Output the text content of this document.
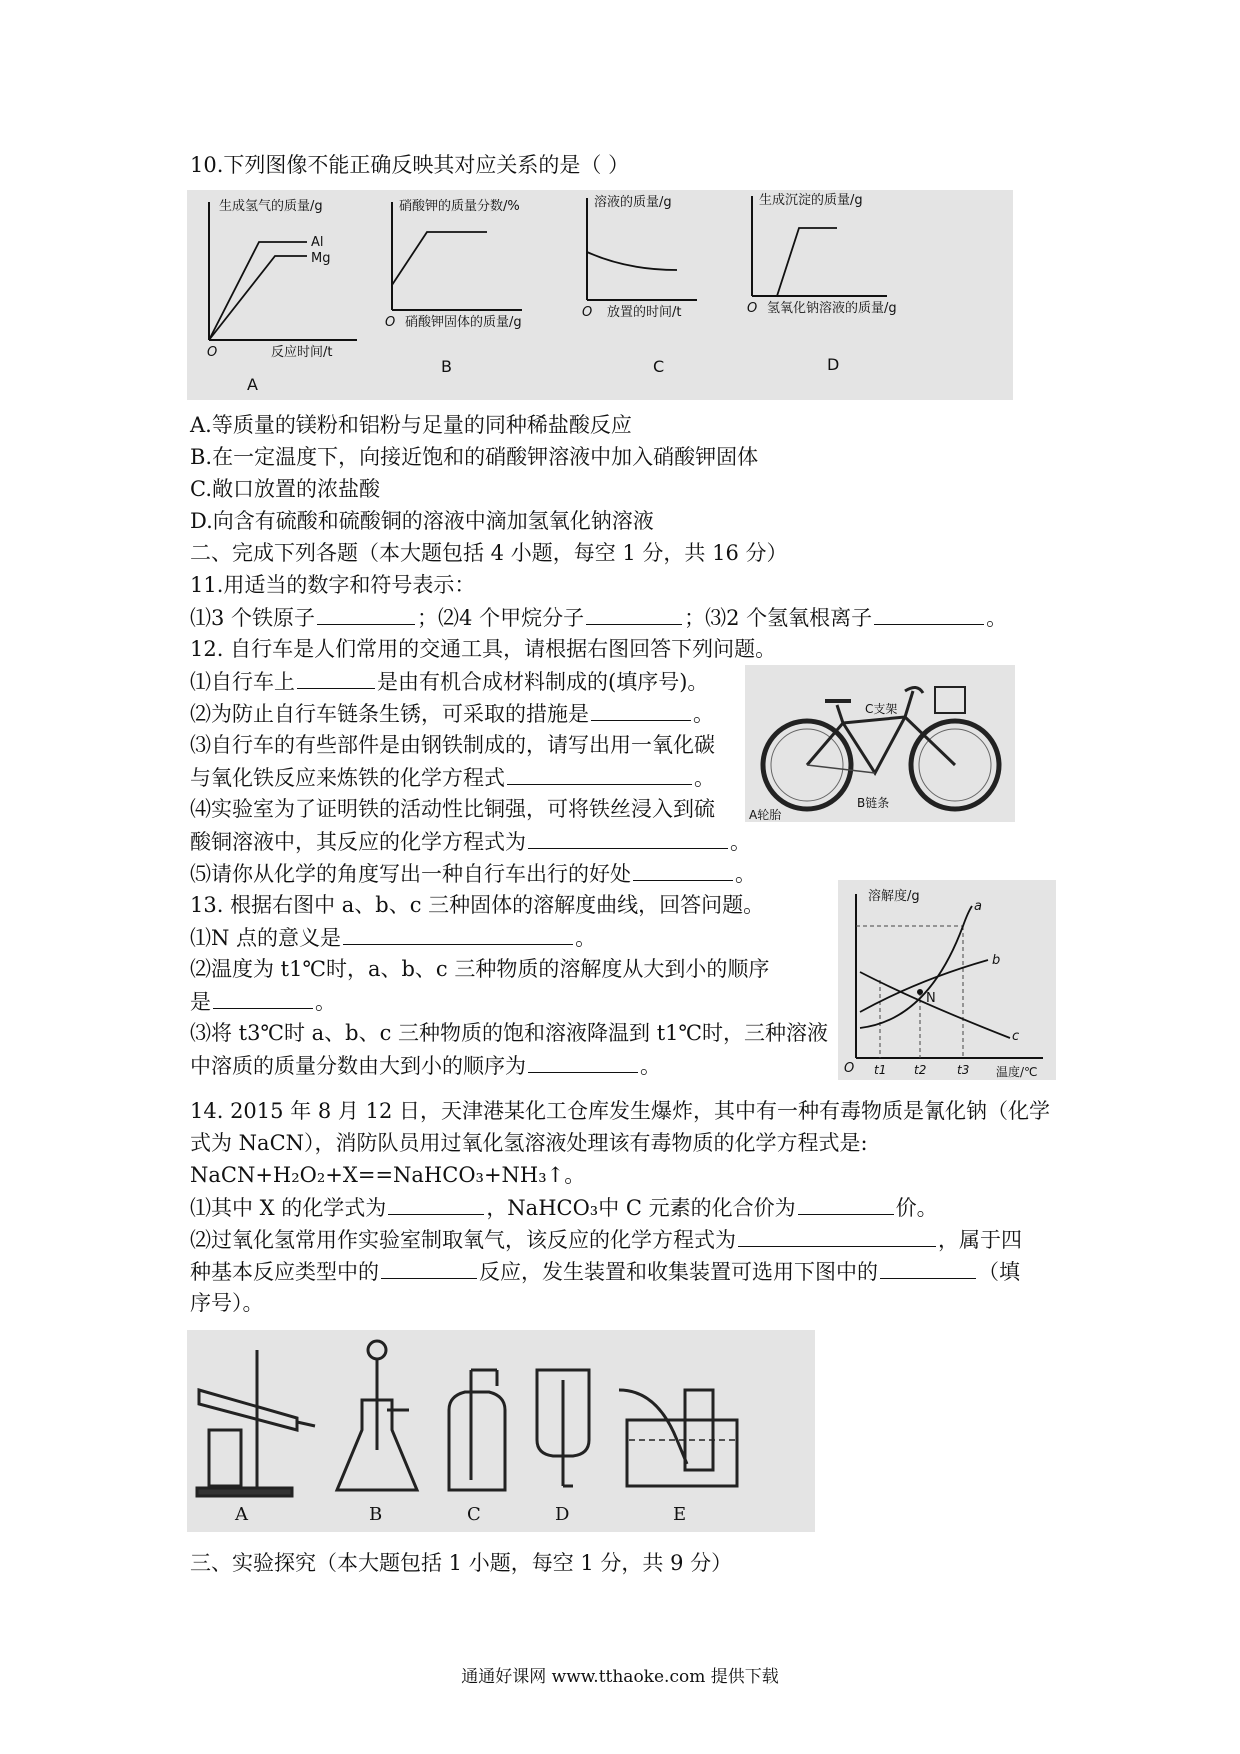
10.下列图像不能正确反映其对应关系的是（ ）
生成氢气的质量/g
Al
Mg
O	反应时间/t
A
硝酸钾的质量分数/%
O 硝酸钾固体的质量/g
B
溶液的质量/g
O 放置的时间/t
C
生成沉淀的质量/g
O 氢氧化钠溶液的质量/g
D
A.等质量的镁粉和铝粉与足量的同种稀盐酸反应
B.在一定温度下，向接近饱和的硝酸钾溶液中加入硝酸钾固体
C.敞口放置的浓盐酸
D.向含有硫酸和硫酸铜的溶液中滴加氢氧化钠溶液
二、完成下列各题（本大题包括 4 小题，每空 1 分，共 16 分）
11.用适当的数字和符号表示：
⑴3 个铁原子	；⑵4 个甲烷分子	；⑶2 个氢氧根离子	。
12. 自行车是人们常用的交通工具，请根据右图回答下列问题。
⑴自行车上	是由有机合成材料制成的(填序号)。
⑵为防止自行车链条生锈，可采取的措施是	。
⑶自行车的有些部件是由钢铁制成的，请写出用一氧化碳
与氧化铁反应来炼铁的化学方程式	。
⑷实验室为了证明铁的活动性比铜强，可将铁丝浸入到硫
酸铜溶液中，其反应的化学方程式为	。
⑸请你从化学的角度写出一种自行车出行的好处	。
C支架
A轮胎
B链条
13. 根据右图中 a、b、c 三种固体的溶解度曲线，回答问题。
⑴N 点的意义是	。
⑵温度为 t1℃时，a、b、c 三种物质的溶解度从大到小的顺序
是	。
⑶将 t3℃时 a、b、c 三种物质的饱和溶液降温到 t1℃时，三种溶液
中溶质的质量分数由大到小的顺序为	。
溶解度/g
O	温度/℃
a
b
c
N
t1 t2	t3
14. 2015 年 8 月 12 日，天津港某化工仓库发生爆炸，其中有一种有毒物质是氰化钠（化学
式为 NaCN），消防队员用过氧化氢溶液处理该有毒物质的化学方程式是:
NaCN+H₂O₂+X==NaHCO₃+NH₃↑。
⑴其中 X 的化学式为	，NaHCO₃中 C 元素的化合价为	价。
⑵过氧化氢常用作实验室制取氧气，该反应的化学方程式为	，属于四
种基本反应类型中的	反应，发生装置和收集装置可选用下图中的	（填
序号）。
A	B	C	D	E
三、实验探究（本大题包括 1 小题，每空 1 分，共 9 分）
通通好课网 www.tthaoke.com 提供下载
